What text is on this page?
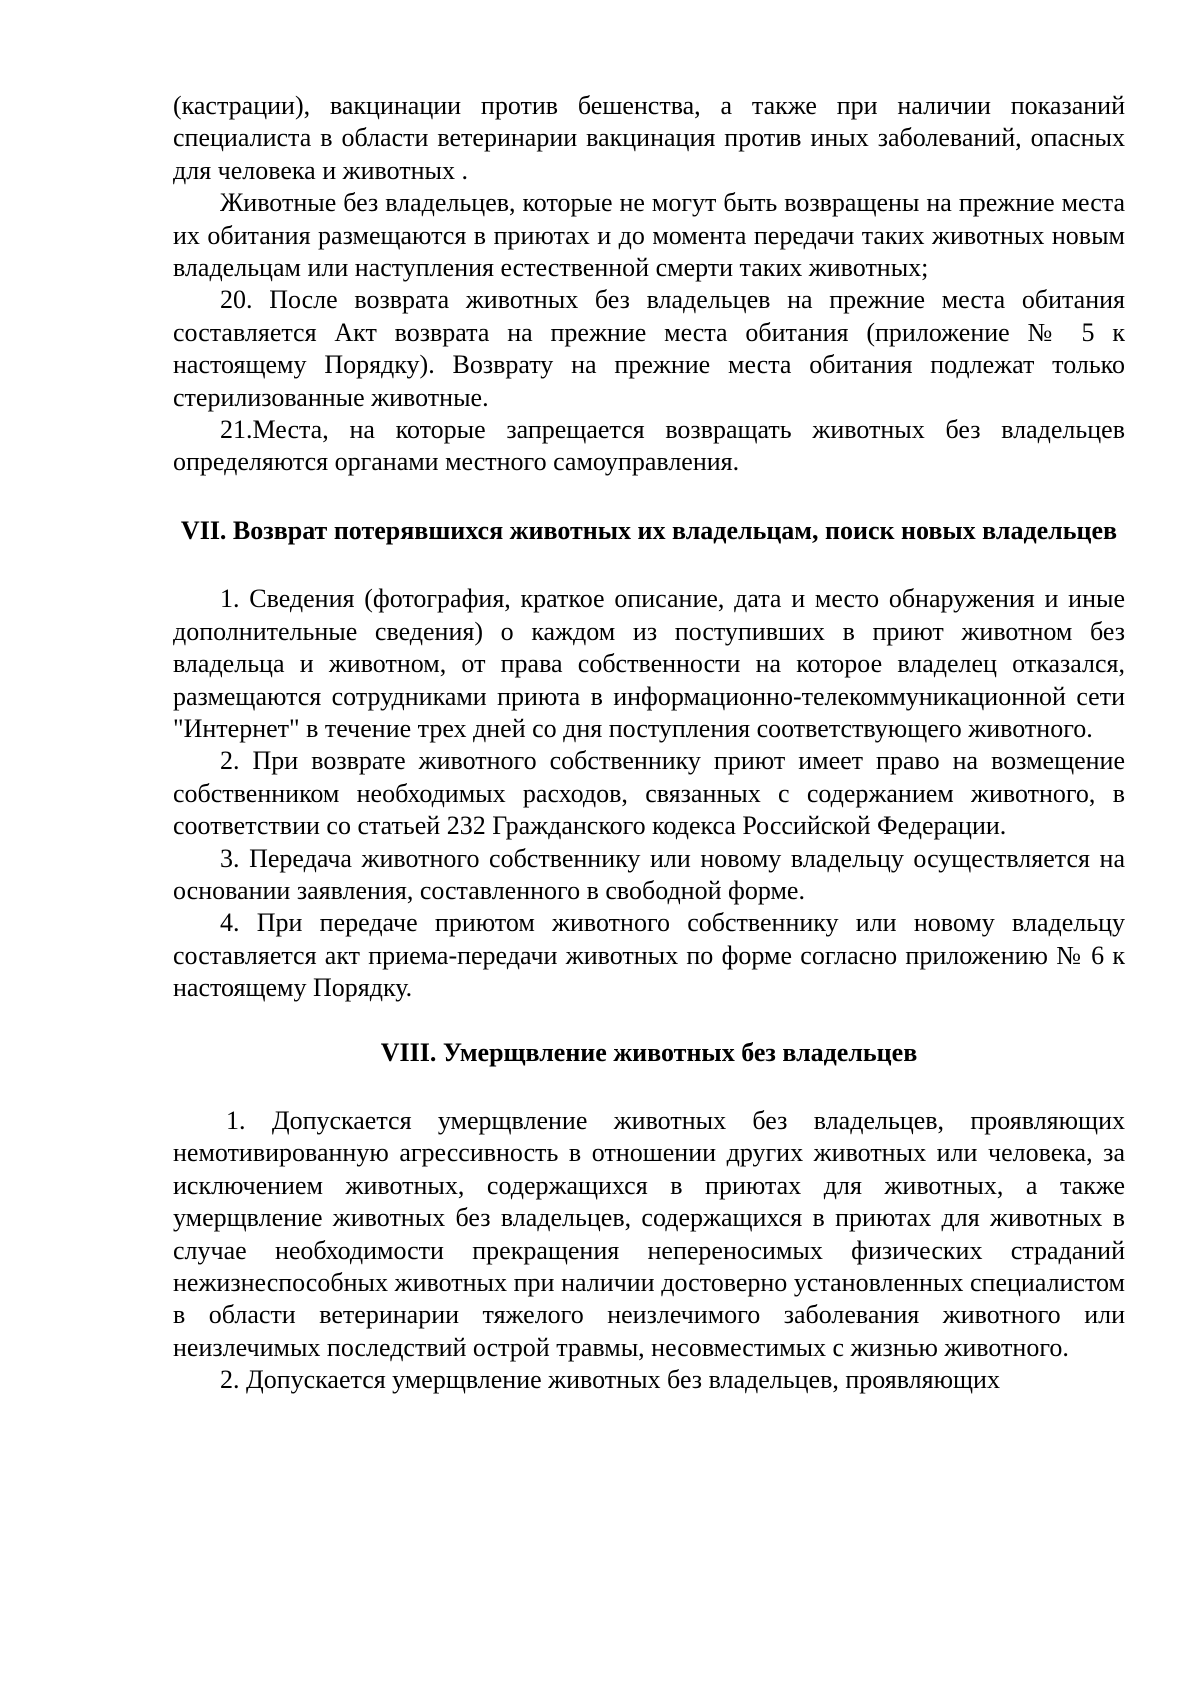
(кастрации), вакцинации против бешенства, а также при наличии показаний специалиста в области ветеринарии вакцинация против иных заболеваний, опасных для человека и животных .

Животные без владельцев, которые не могут быть возвращены на прежние места их обитания размещаются в приютах и до момента передачи таких животных новым владельцам или наступления естественной смерти таких животных;

20. После возврата животных без владельцев на прежние места обитания составляется Акт возврата на прежние места обитания (приложение № 5 к настоящему Порядку). Возврату на прежние места обитания подлежат только стерилизованные животные.

21.Места, на которые запрещается возвращать животных без владельцев определяются органами местного самоуправления.

VII. Возврат потерявшихся животных их владельцам, поиск новых владельцев

1. Сведения (фотография, краткое описание, дата и место обнаружения и иные дополнительные сведения) о каждом из поступивших в приют животном без владельца и животном, от права собственности на которое владелец отказался, размещаются сотрудниками приюта в информационно-телекоммуникационной сети "Интернет" в течение трех дней со дня поступления соответствующего животного.

2. При возврате животного собственнику приют имеет право на возмещение собственником необходимых расходов, связанных с содержанием животного, в соответствии со статьей 232 Гражданского кодекса Российской Федерации.

3. Передача животного собственнику или новому владельцу осуществляется на основании заявления, составленного в свободной форме.

4. При передаче приютом животного собственнику или новому владельцу составляется акт приема-передачи животных по форме согласно приложению № 6 к настоящему Порядку.

VIII. Умерщвление животных без владельцев

1. Допускается умерщвление животных без владельцев, проявляющих немотивированную агрессивность в отношении других животных или человека, за исключением животных, содержащихся в приютах для животных, а также умерщвление животных без владельцев, содержащихся в приютах для животных в случае необходимости прекращения непереносимых физических страданий нежизнеспособных животных при наличии достоверно установленных специалистом в области ветеринарии тяжелого неизлечимого заболевания животного или неизлечимых последствий острой травмы, несовместимых с жизнью животного.

2. Допускается умерщвление животных без владельцев, проявляющих
